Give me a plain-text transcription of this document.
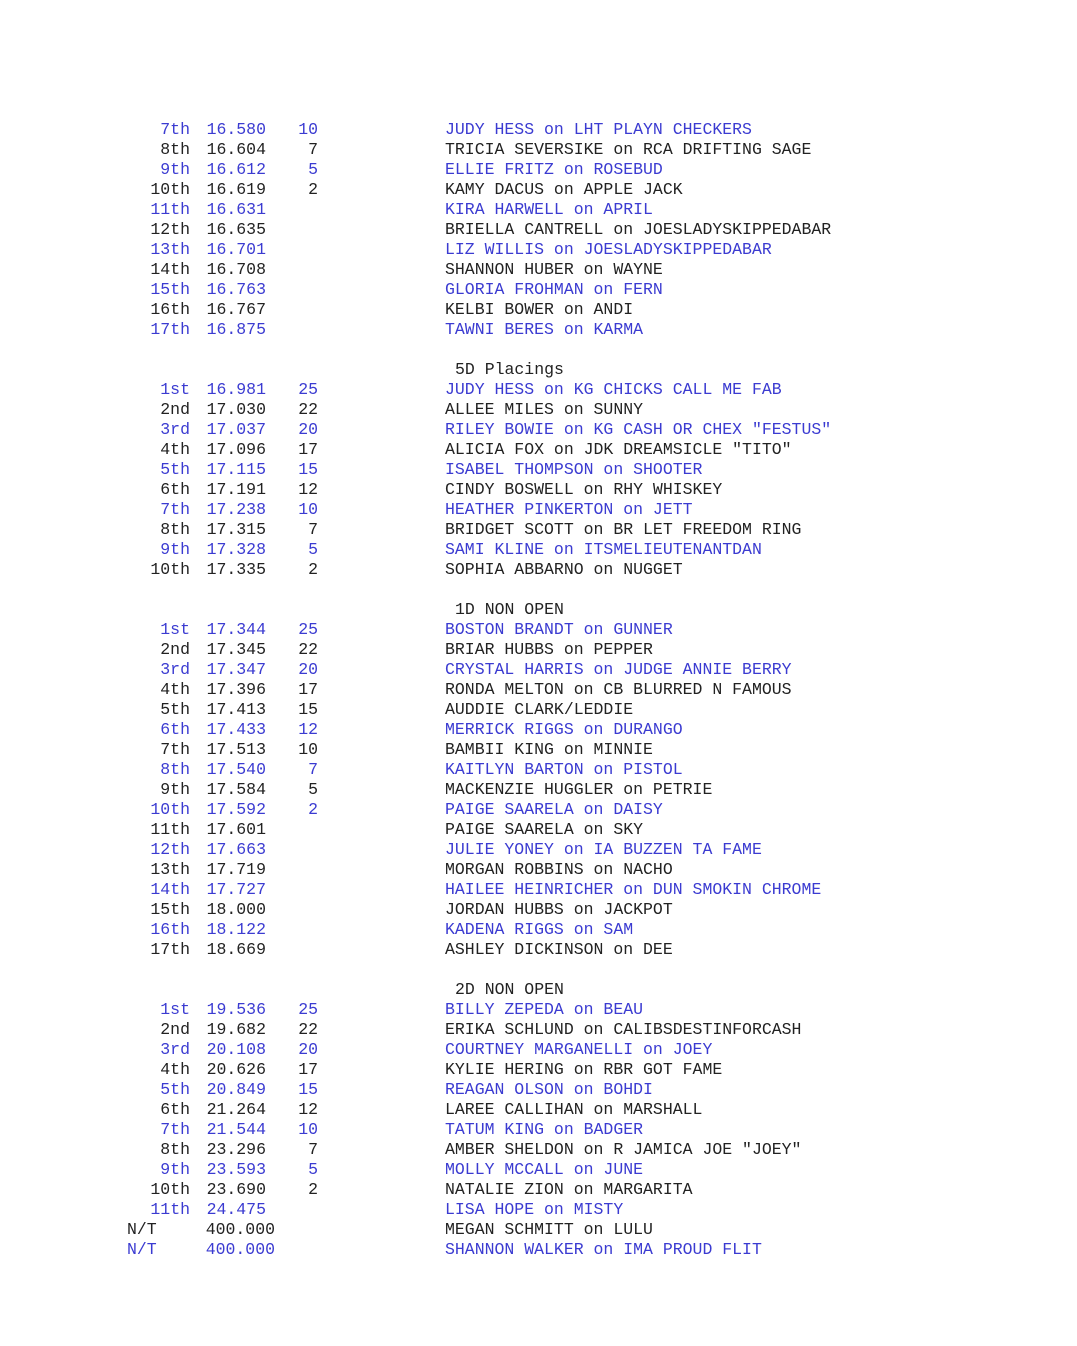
7th 16.580	10	JUDY HESS on LHT PLAYN CHECKERS
8th 16.604	7	TRICIA SEVERSIKE on RCA DRIFTING SAGE
9th 16.612	5	ELLIE FRITZ on ROSEBUD
10th 16.619	2	KAMY DACUS on APPLE JACK
11th 16.631	KIRA HARWELL on APRIL
12th 16.635	BRIELLA CANTRELL on JOESLADYSKIPPEDABAR
13th 16.701	LIZ WILLIS on JOESLADYSKIPPEDABAR
14th 16.708	SHANNON HUBER on WAYNE
15th 16.763	GLORIA FROHMAN on FERN
16th 16.767	KELBI BOWER on ANDI
17th 16.875	TAWNI BERES on KARMA
5D Placings
1st 16.981	25	JUDY HESS on KG CHICKS CALL ME FAB
2nd 17.030	22	ALLEE MILES on SUNNY
3rd 17.037	20	RILEY BOWIE on KG CASH OR CHEX "FESTUS"
4th 17.096	17	ALICIA FOX on JDK DREAMSICLE "TITO"
5th 17.115	15	ISABEL THOMPSON on SHOOTER
6th 17.191	12	CINDY BOSWELL on RHY WHISKEY
7th 17.238	10	HEATHER PINKERTON on JETT
8th 17.315	7	BRIDGET SCOTT on BR LET FREEDOM RING
9th 17.328	5	SAMI KLINE on ITSMELIEUTENANTDAN
10th 17.335	2	SOPHIA ABBARNO on NUGGET
1D NON OPEN
1st 17.344	25	BOSTON BRANDT on GUNNER
2nd 17.345	22	BRIAR HUBBS on PEPPER
3rd 17.347	20	CRYSTAL HARRIS on JUDGE ANNIE BERRY
4th 17.396	17	RONDA MELTON on CB BLURRED N FAMOUS
5th 17.413	15	AUDDIE CLARK/LEDDIE
6th 17.433	12	MERRICK RIGGS on DURANGO
7th 17.513	10	BAMBII KING on MINNIE
8th 17.540	7	KAITLYN BARTON on PISTOL
9th 17.584	5	MACKENZIE HUGGLER on PETRIE
10th 17.592	2	PAIGE SAARELA on DAISY
11th 17.601	PAIGE SAARELA on SKY
12th 17.663	JULIE YONEY on IA BUZZEN TA FAME
13th 17.719	MORGAN ROBBINS on NACHO
14th 17.727	HAILEE HEINRICHER on DUN SMOKIN CHROME
15th 18.000	JORDAN HUBBS on JACKPOT
16th 18.122	KADENA RIGGS on SAM
17th 18.669	ASHLEY DICKINSON on DEE
2D NON OPEN
1st 19.536	25	BILLY ZEPEDA on BEAU
2nd 19.682	22	ERIKA SCHLUND on CALIBSDESTINFORCASH
3rd 20.108	20	COURTNEY MARGANELLI on JOEY
4th 20.626	17	KYLIE HERING on RBR GOT FAME
5th 20.849	15	REAGAN OLSON on BOHDI
6th 21.264	12	LAREE CALLIHAN on MARSHALL
7th 21.544	10	TATUM KING on BADGER
8th 23.296	7	AMBER SHELDON on R JAMICA JOE "JOEY"
9th 23.593	5	MOLLY MCCALL on JUNE
10th 23.690	2	NATALIE ZION on MARGARITA
11th 24.475	LISA HOPE on MISTY
N/T	400.000	MEGAN SCHMITT on LULU
N/T	400.000	SHANNON WALKER on IMA PROUD FLIT
